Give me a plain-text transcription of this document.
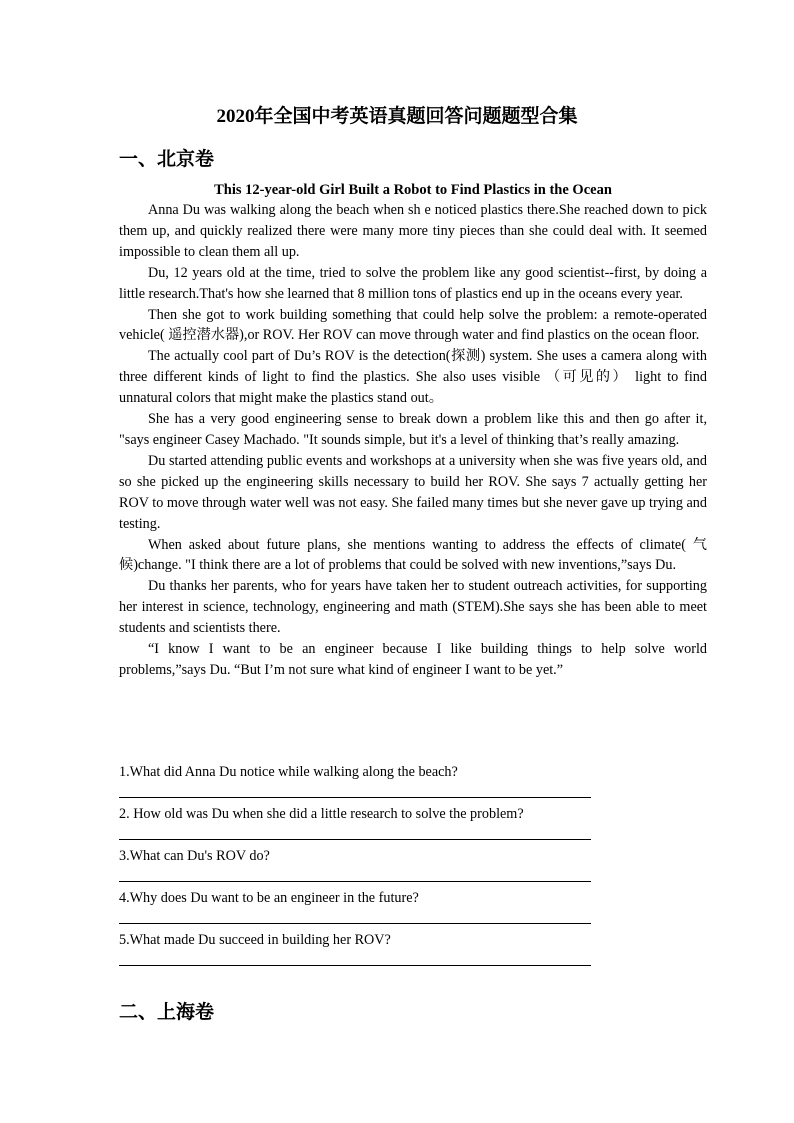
2020年全国中考英语真题回答问题题型合集
一、北京卷
This 12-year-old Girl Built a Robot to Find Plastics in the Ocean

Anna Du was walking along the beach when sh e noticed plastics there.She reached down to pick them up, and quickly realized there were many more tiny pieces than she could deal with. It seemed impossible to clean them all up.

Du, 12 years old at the time, tried to solve the problem like any good scientist--first, by doing a little research.That's how she learned that 8 million tons of plastics end up in the oceans every year.

Then she got to work building something that could help solve the problem: a remote-operated vehicle( 遥控潜水器),or ROV. Her ROV can move through water and find plastics on the ocean floor.

The actually cool part of Du’s ROV is the detection(探测) system. She uses a camera along with three different kinds of light to find the plastics. She also uses visible （可见的） light to find unnatural colors that might make the plastics stand out。

She has a very good engineering sense to break down a problem like this and then go after it, "says engineer Casey Machado. "It sounds simple, but it's a level of thinking that’s really amazing.

Du started attending public events and workshops at a university when she was five years old, and so she picked up the engineering skills necessary to build her ROV. She says 7 actually getting her ROV to move through water well was not easy. She failed many times but she never gave up trying and testing.

When asked about future plans, she mentions wanting to address the effects of climate( 气候)change. "I think there are a lot of problems that could be solved with new inventions,”says Du.

Du thanks her parents, who for years have taken her to student outreach activities, for supporting her interest in science, technology, engineering and math (STEM).She says she has been able to meet students and scientists there.

“I know I want to be an engineer because I like building things to help solve world problems,”says Du. “But I’m not sure what kind of engineer I want to be yet.”

1.What did Anna Du notice while walking along the beach?
2. How old was Du when she did a little research to solve the problem?
3.What can Du's ROV do?
4.Why does Du want to be an engineer in the future?
5.What made Du succeed in building her ROV?
二、上海卷
